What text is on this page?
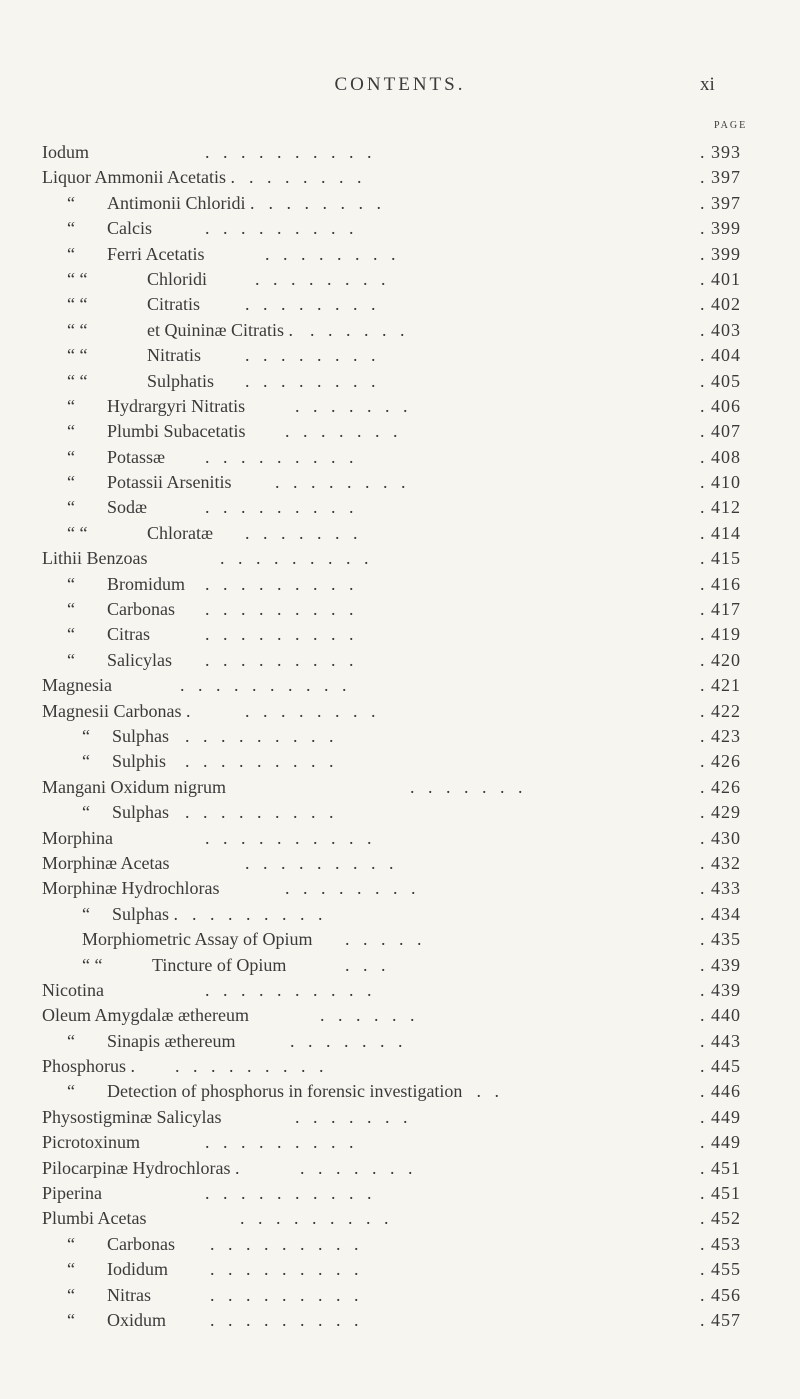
CONTENTS.	xi
PAGE
Iodum	.   .   .   .   .   .   .   .   .   .	. 393
Liquor Ammonii Acetatis . .   .   .   .   .   .   .	. 397
“ Antimonii Chloridi . .   .   .   .   .   .   .	. 397
“ Calcis	.   .   .   .   .   .   .   .   .	. 399
“ Ferri Acetatis	.   .   .   .   .   .   .   .	. 399
“ “	Chloridi	.   .   .   .   .   .   .   .	. 401
“ “	Citratis	.   .   .   .   .   .   .   .	. 402
“ “	et Quininæ Citratis . .   .   .   .   .   .	. 403
“ “	Nitratis .   .   .   .   .   .   .   .	. 404
“ “	Sulphatis .   .   .   .   .   .   .   .	. 405
“ Hydrargyri Nitratis	.   .   .   .   .   .   .	. 406
“ Plumbi Subacetatis .   .   .   .   .   .   .	. 407
“ Potassæ .   .   .   .   .   .   .   .   .	. 408
“ Potassii Arsenitis .   .   .   .   .   .   .   .	. 410
“ Sodæ	.   .   .   .   .   .   .   .   .	. 412
“ “	Chloratæ .   .   .   .   .   .   .	. 414
Lithii Benzoas	.   .   .   .   .   .   .   .   .	. 415
“ Bromidum .   .   .   .   .   .   .   .   .	. 416
“ Carbonas .   .   .   .   .   .   .   .   .	. 417
“ Citras	.   .   .   .   .   .   .   .   .	. 419
“ Salicylas .   .   .   .   .   .   .   .   .	. 420
Magnesia	.   .   .   .   .   .   .   .   .   .	. 421
Magnesii Carbonas .	.   .   .   .   .   .   .   .	. 422
“ Sulphas .   .   .   .   .   .   .   .   .	. 423
“ Sulphis .   .   .   .   .   .   .   .   .	. 426
Mangani Oxidum nigrum	.   .   .   .   .   .   .	. 426
“ Sulphas .   .   .   .   .   .   .   .   .	. 429
Morphina	.   .   .   .   .   .   .   .   .   .	. 430
Morphinæ Acetas	.   .   .   .   .   .   .   .   .	. 432
Morphinæ Hydrochloras	.   .   .   .   .   .   .   .	. 433
“ Sulphas . .   .   .   .   .   .   .   .	. 434
Morphiometric Assay of Opium .   .   .   .   .	. 435
“ “	Tincture of Opium	.   .   .	. 439
Nicotina	.   .   .   .   .   .   .   .   .   .	. 439
Oleum Amygdalæ æthereum	.   .   .   .   .   .	. 440
“ Sinapis æthereum	.   .   .   .   .   .   .	. 443
Phosphorus . .   .   .   .   .   .   .   .   .	. 445
“ Detection of phosphorus in forensic investigation .   .	. 446
Physostigminæ Salicylas	.   .   .   .   .   .   .	. 449
Picrotoxinum	.   .   .   .   .   .   .   .   .	. 449
Pilocarpinæ Hydrochloras .	.   .   .   .   .   .   .	. 451
Piperina	.   .   .   .   .   .   .   .   .   .	. 451
Plumbi Acetas	.   .   .   .   .   .   .   .   .	. 452
“ Carbonas .   .   .   .   .   .   .   .   .	. 453
“ Iodidum .   .   .   .   .   .   .   .   .	. 455
“ Nitras	.   .   .   .   .   .   .   .   .	. 456
“ Oxidum .   .   .   .   .   .   .   .   .	. 457
